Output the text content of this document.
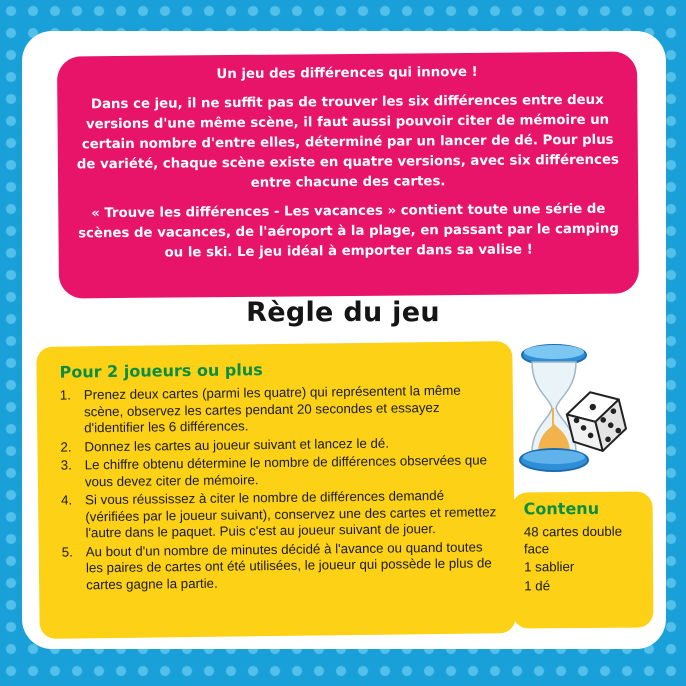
Un jeu des différences qui innove !

Dans ce jeu, il ne suffit pas de trouver les six différences entre deux versions d'une même scène, il faut aussi pouvoir citer de mémoire un certain nombre d'entre elles, déterminé par un lancer de dé. Pour plus de variété, chaque scène existe en quatre versions, avec six différences entre chacune des cartes.

« Trouve les différences - Les vacances » contient toute une série de scènes de vacances, de l'aéroport à la plage, en passant par le camping ou le ski. Le jeu idéal à emporter dans sa valise !

Règle du jeu
Pour 2 joueurs ou plus
1. Prenez deux cartes (parmi les quatre) qui représentent la même scène, observez les cartes pendant 20 secondes et essayez d'identifier les 6 différences.
2. Donnez les cartes au joueur suivant et lancez le dé.
3. Le chiffre obtenu détermine le nombre de différences observées que vous devez citer de mémoire.
4. Si vous réussissez à citer le nombre de différences demandé (vérifiées par le joueur suivant), conservez une des cartes et remettez l'autre dans le paquet. Puis c'est au joueur suivant de jouer.
5. Au bout d'un nombre de minutes décidé à l'avance ou quand toutes les paires de cartes ont été utilisées, le joueur qui possède le plus de cartes gagne la partie.
Contenu
48 cartes double face
1 sablier
1 dé
